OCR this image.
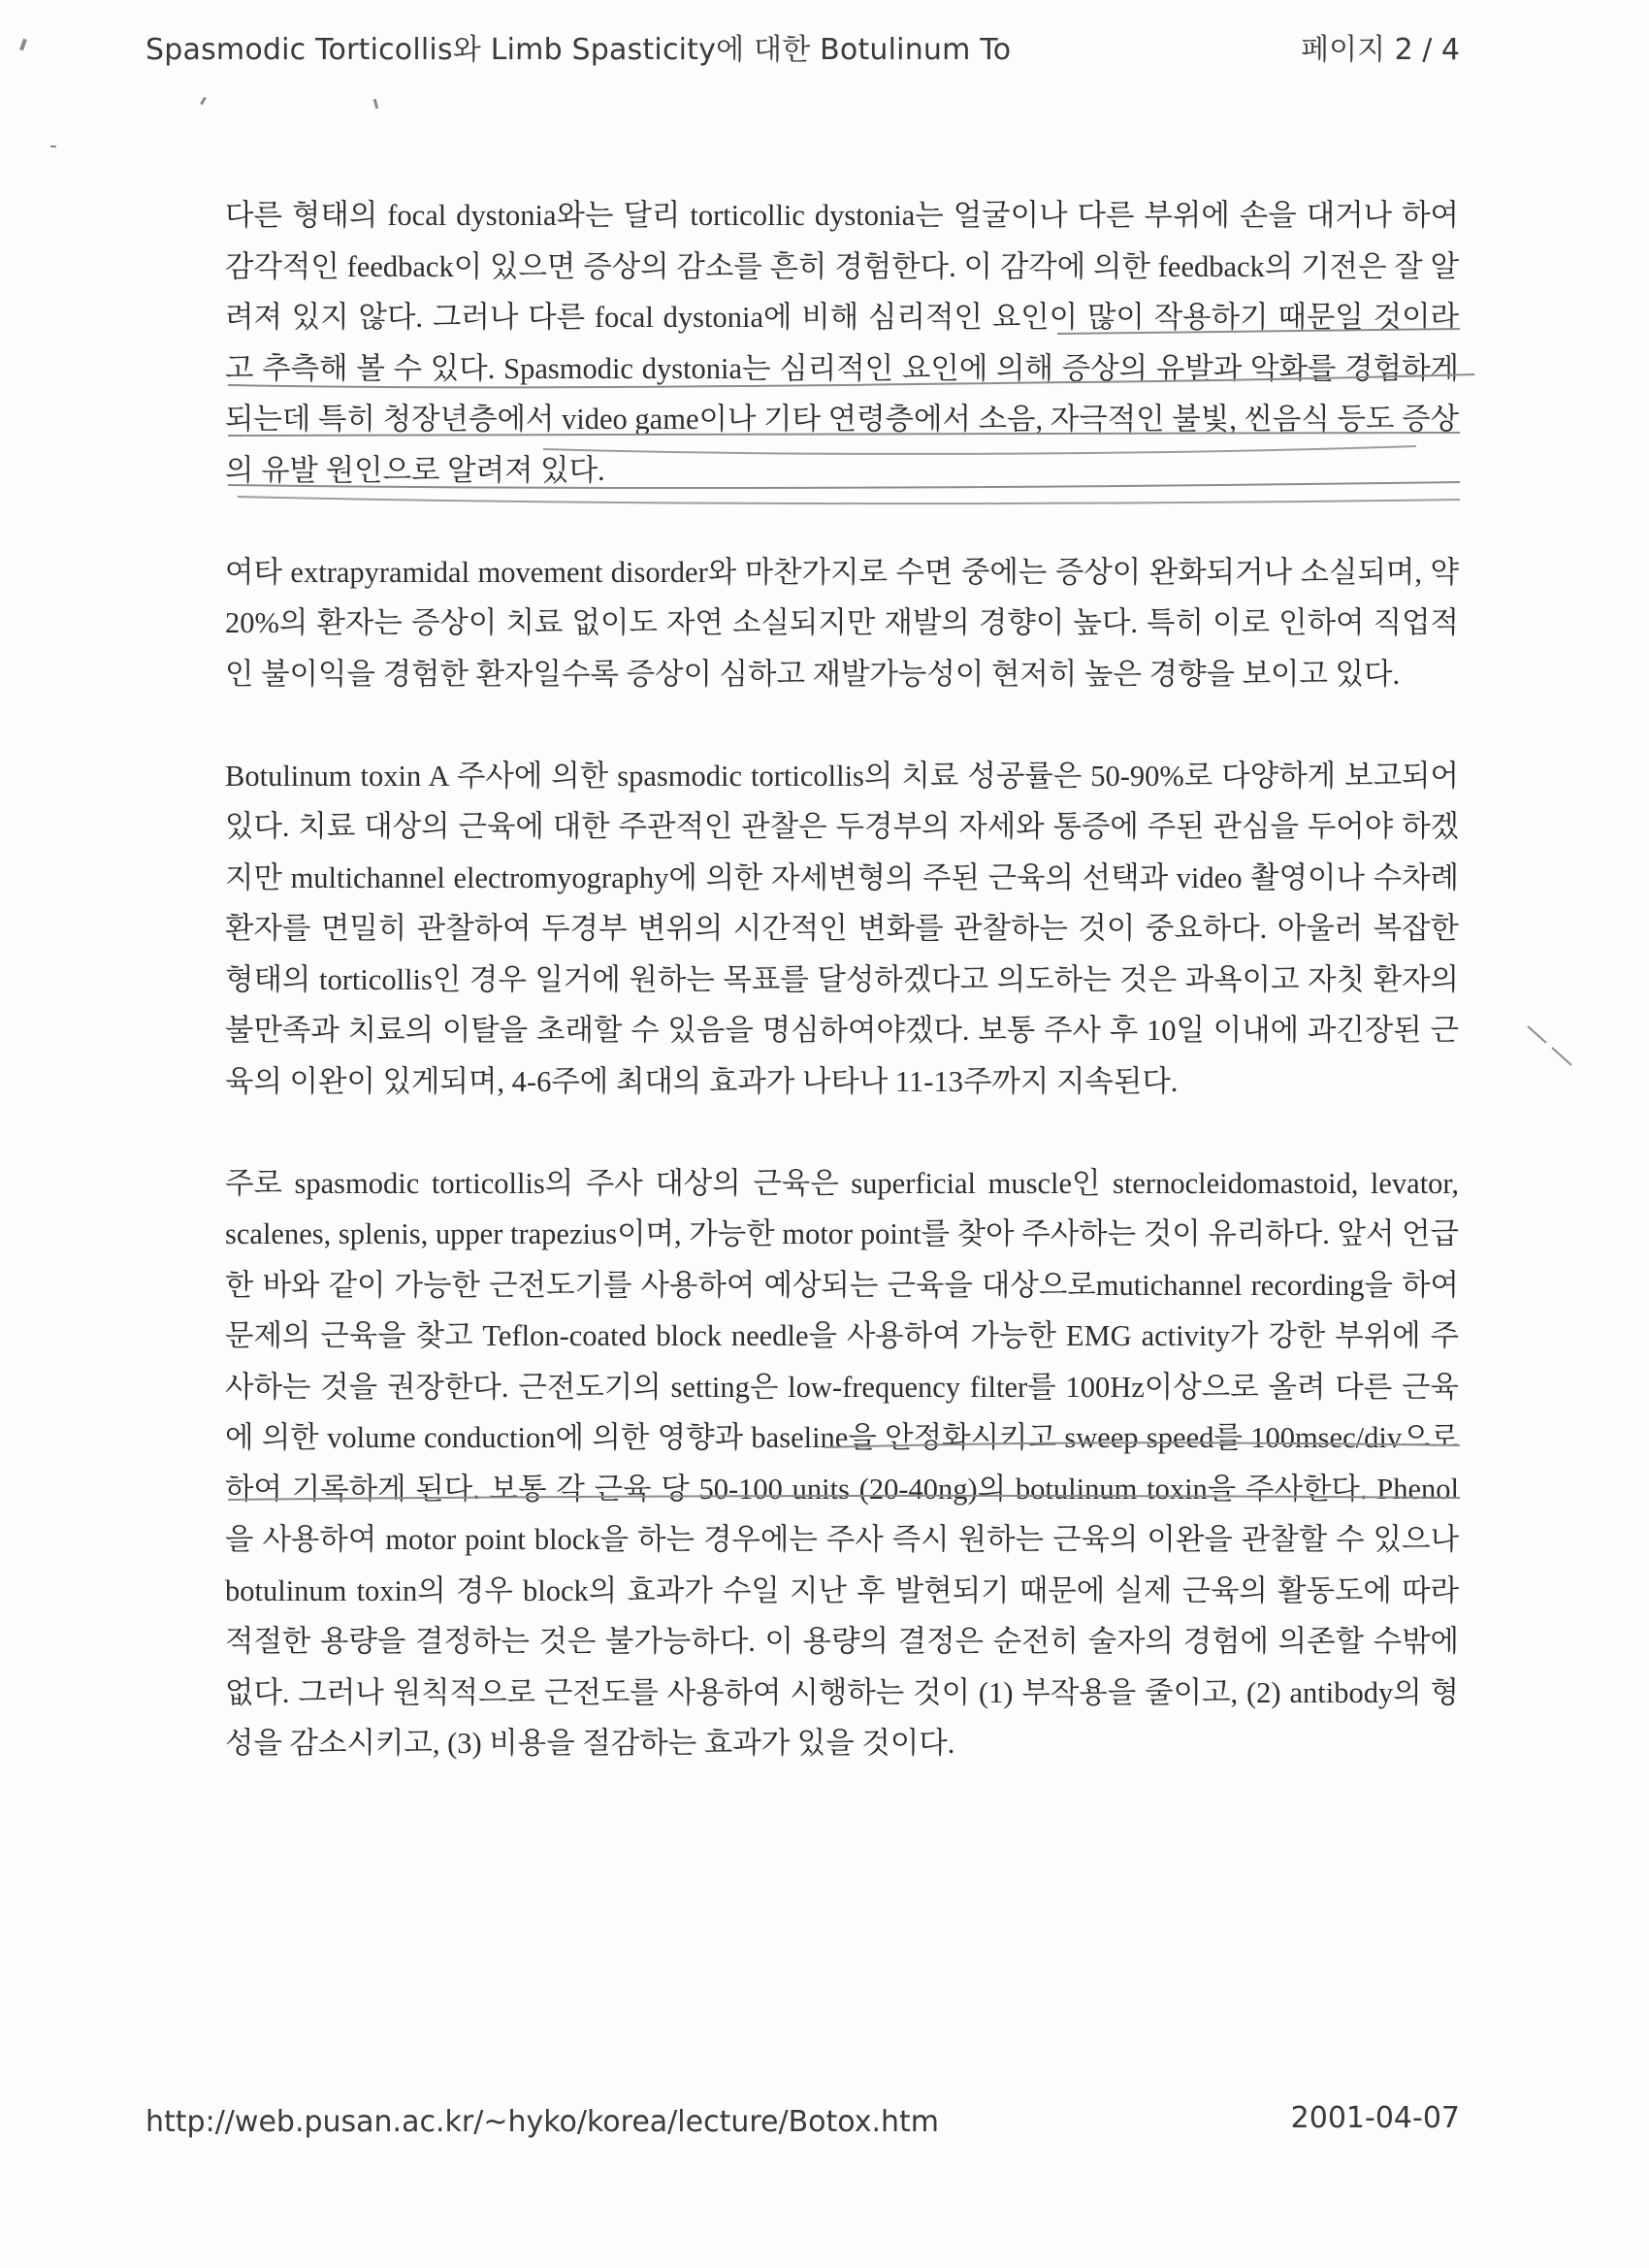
Spasmodic Torticollis와 Limb Spasticity에 대한 Botulinum To	페이지 2 / 4

다른 형태의 focal dystonia와는 달리 torticollic dystonia는 얼굴이나 다른 부위에 손을 대거나 하여 감각적인 feedback이 있으면 증상의 감소를 흔히 경험한다. 이 감각에 의한 feedback의 기전은 잘 알려져 있지 않다. 그러나 다른 focal dystonia에 비해 심리적인 요인이 많이 작용하기 때문일 것이라고 추측해 볼 수 있다. Spasmodic dystonia는 심리적인 요인에 의해 증상의 유발과 악화를 경험하게 되는데 특히 청장년층에서 video game이나 기타 연령층에서 소음, 자극적인 불빛, 씬음식 등도 증상의 유발 원인으로 알려져 있다.

여타 extrapyramidal movement disorder와 마찬가지로 수면 중에는 증상이 완화되거나 소실되며, 약 20%의 환자는 증상이 치료 없이도 자연 소실되지만 재발의 경향이 높다. 특히 이로 인하여 직업적인 불이익을 경험한 환자일수록 증상이 심하고 재발가능성이 현저히 높은 경향을 보이고 있다.

Botulinum toxin A 주사에 의한 spasmodic torticollis의 치료 성공률은 50-90%로 다양하게 보고되어 있다. 치료 대상의 근육에 대한 주관적인 관찰은 두경부의 자세와 통증에 주된 관심을 두어야 하겠지만 multichannel electromyography에 의한 자세변형의 주된 근육의 선택과 video 촬영이나 수차례 환자를 면밀히 관찰하여 두경부 변위의 시간적인 변화를 관찰하는 것이 중요하다. 아울러 복잡한 형태의 torticollis인 경우 일거에 원하는 목표를 달성하겠다고 의도하는 것은 과욕이고 자칫 환자의 불만족과 치료의 이탈을 초래할 수 있음을 명심하여야겠다. 보통 주사 후 10일 이내에 과긴장된 근육의 이완이 있게되며, 4-6주에 최대의 효과가 나타나 11-13주까지 지속된다.

주로 spasmodic torticollis의 주사 대상의 근육은 superficial muscle인 sternocleidomastoid, levator, scalenes, splenis, upper trapezius이며, 가능한 motor point를 찾아 주사하는 것이 유리하다. 앞서 언급한 바와 같이 가능한 근전도기를 사용하여 예상되는 근육을 대상으로mutichannel recording을 하여 문제의 근육을 찾고 Teflon-coated block needle을 사용하여 가능한 EMG activity가 강한 부위에 주사하는 것을 권장한다. 근전도기의 setting은 low-frequency filter를 100Hz이상으로 올려 다른 근육에 의한 volume conduction에 의한 영향과 baseline을 안정화시키고 sweep speed를 100msec/div으로 하여 기록하게 된다. 보통 각 근육 당 50-100 units (20-40ng)의 botulinum toxin을 주사한다. Phenol을 사용하여 motor point block을 하는 경우에는 주사 즉시 원하는 근육의 이완을 관찰할 수 있으나 botulinum toxin의 경우 block의 효과가 수일 지난 후 발현되기 때문에 실제 근육의 활동도에 따라 적절한 용량을 결정하는 것은 불가능하다. 이 용량의 결정은 순전히 술자의 경험에 의존할 수밖에 없다. 그러나 원칙적으로 근전도를 사용하여 시행하는 것이 (1) 부작용을 줄이고, (2) antibody의 형성을 감소시키고, (3) 비용을 절감하는 효과가 있을 것이다.

http://web.pusan.ac.kr/~hyko/korea/lecture/Botox.htm	2001-04-07
